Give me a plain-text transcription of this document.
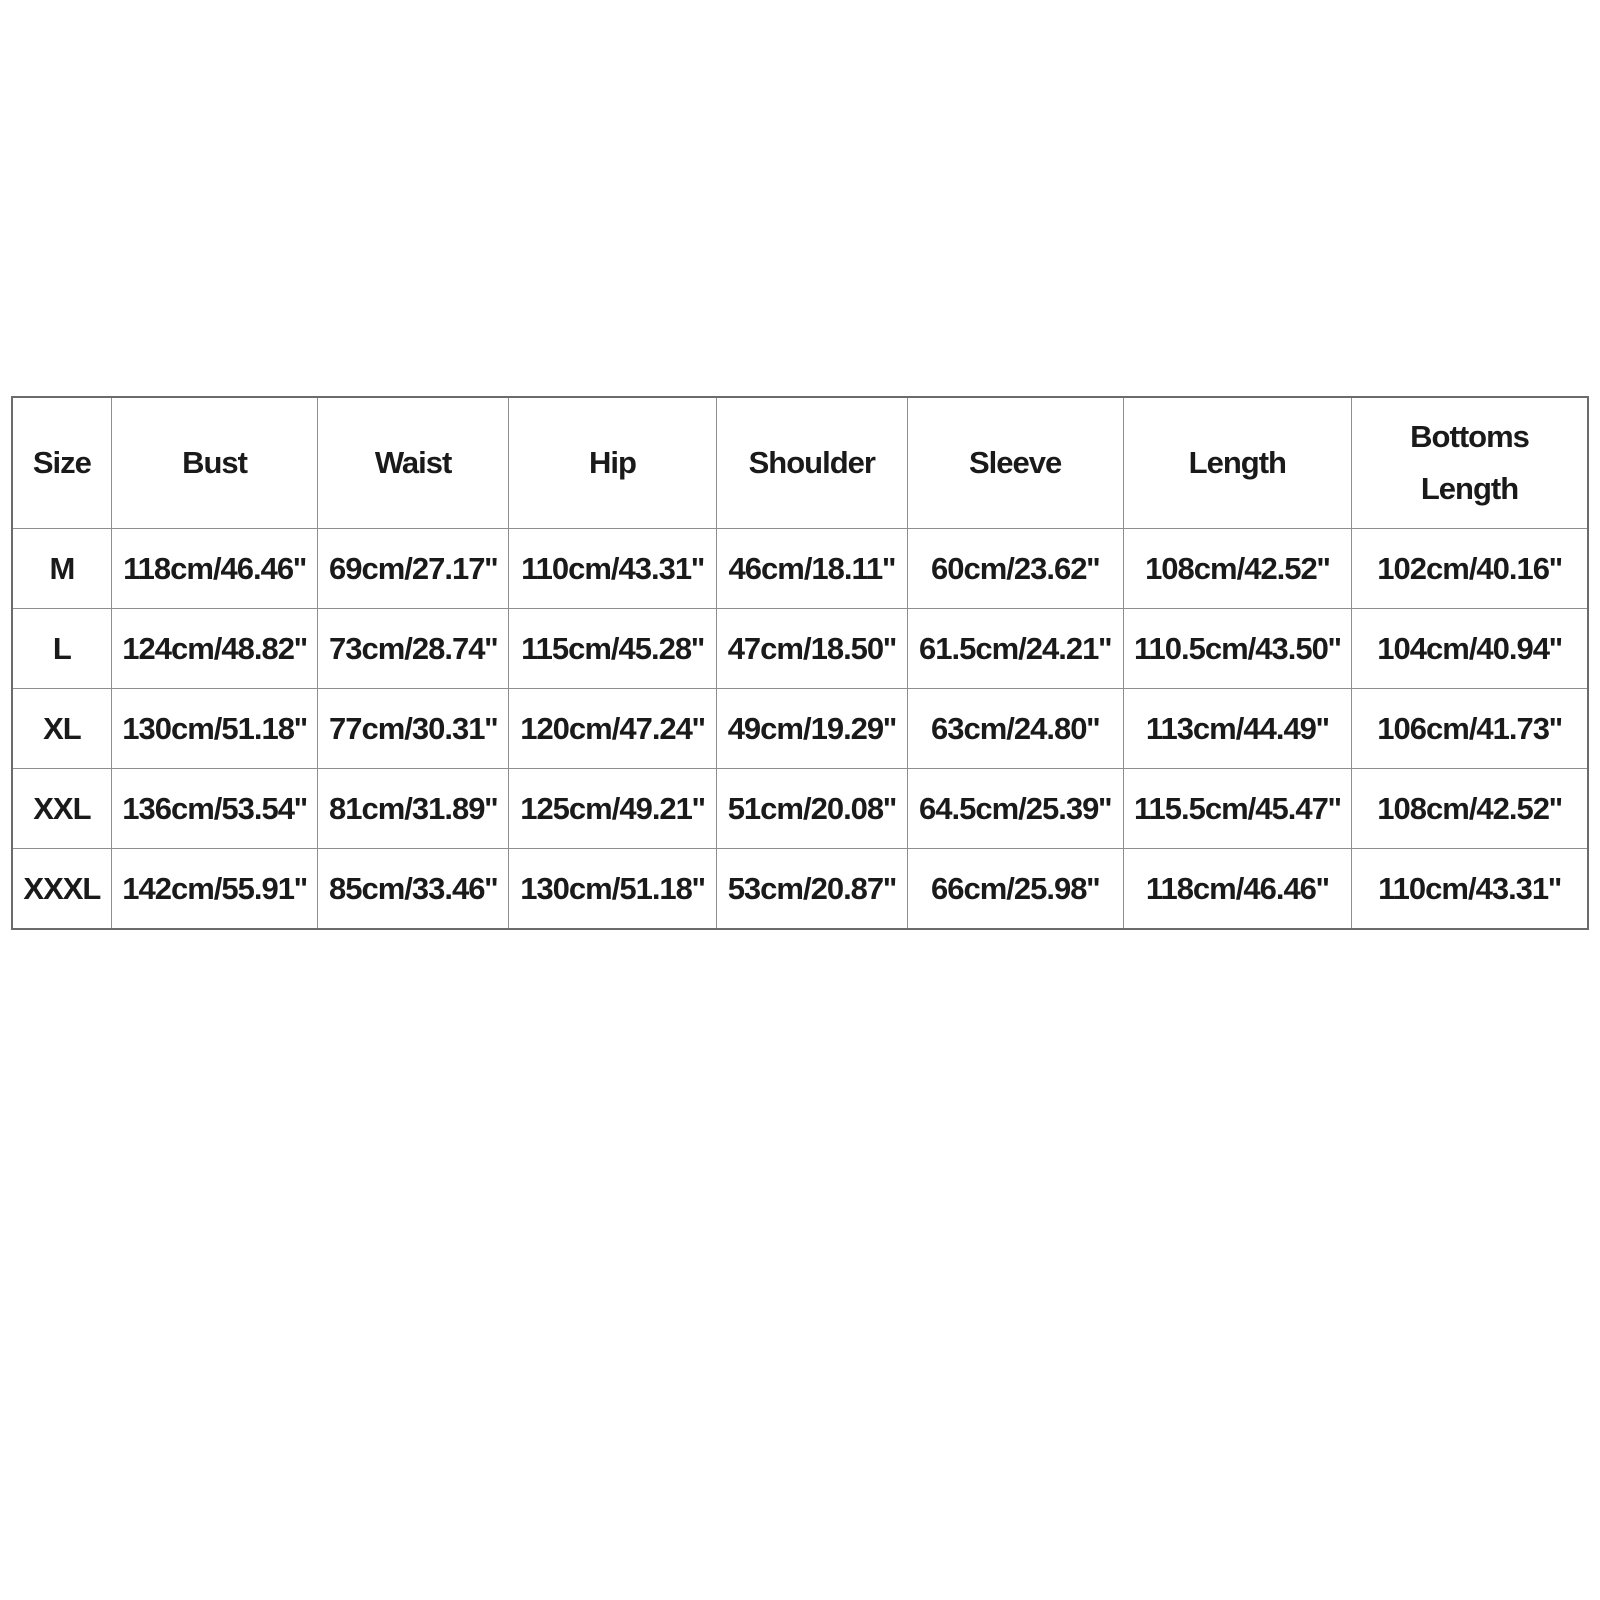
Size	Bust	Waist	Hip	Shoulder	Sleeve	Length	Bottoms
Length

M	118cm/46.46''	69cm/27.17''	110cm/43.31''	46cm/18.11''	60cm/23.62''	108cm/42.52''	102cm/40.16''
L	124cm/48.82''	73cm/28.74''	115cm/45.28''	47cm/18.50''	61.5cm/24.21''	110.5cm/43.50''	104cm/40.94''
XL	130cm/51.18''	77cm/30.31''	120cm/47.24''	49cm/19.29''	63cm/24.80''	113cm/44.49''	106cm/41.73''
XXL	136cm/53.54''	81cm/31.89''	125cm/49.21''	51cm/20.08''	64.5cm/25.39''	115.5cm/45.47''	108cm/42.52''
XXXL	142cm/55.91''	85cm/33.46''	130cm/51.18''	53cm/20.87''	66cm/25.98''	118cm/46.46''	110cm/43.31''
